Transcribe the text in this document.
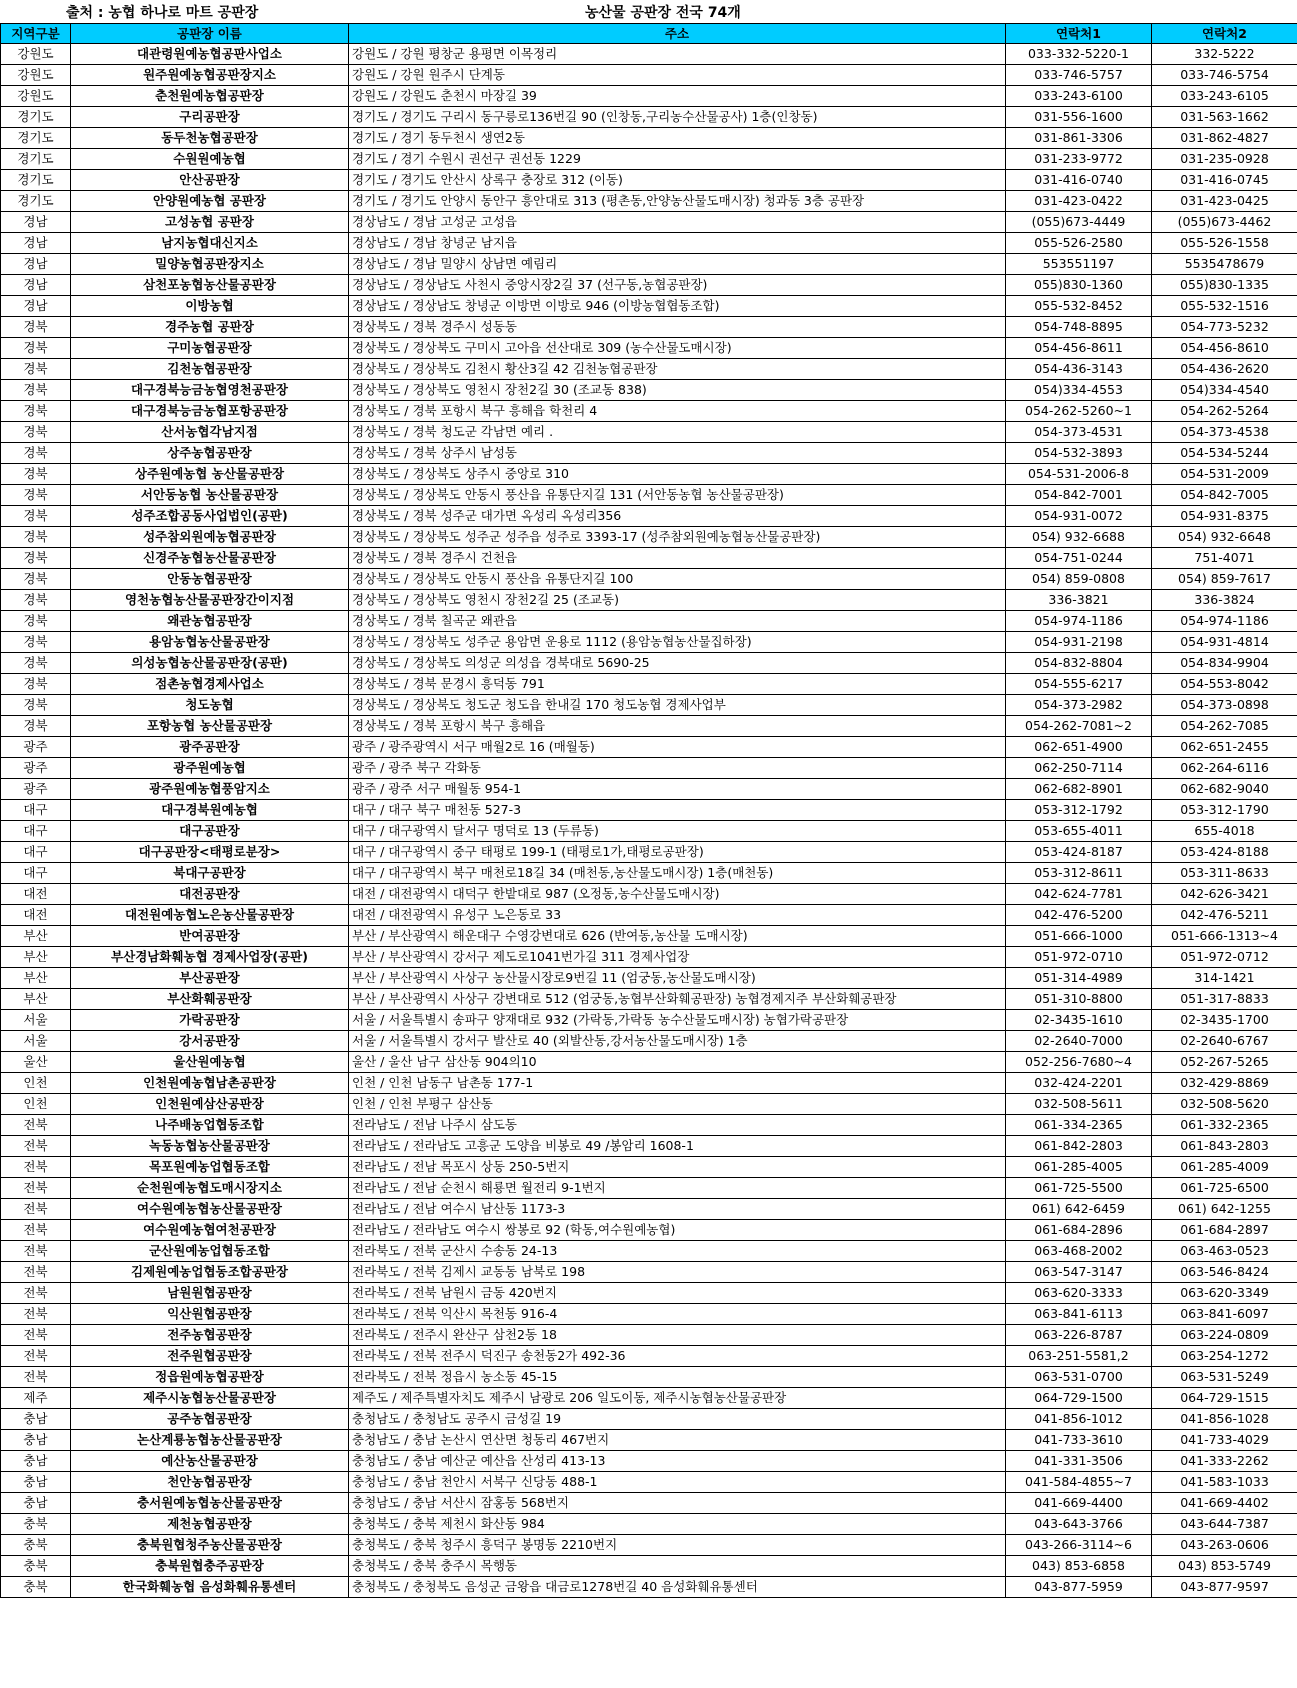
출처 : 농협 하나로 마트 공판장	농산물 공판장 전국 74개
지역구분	공판장 이름	주소	연락처1	연락처2
강원도	대관령원예농협공판사업소	강원도 / 강원 평창군 용평면 이목정리	033-332-5220-1	332-5222
강원도	원주원예농협공판장지소	강원도 / 강원 원주시 단계동	033-746-5757	033-746-5754
강원도	춘천원예농협공판장	강원도 / 강원도 춘천시 마장길 39	033-243-6100	033-243-6105
경기도	구리공판장	경기도 / 경기도 구리시 동구릉로136번길 90 (인창동,구리농수산물공사) 1층(인창동)	031-556-1600	031-563-1662
경기도	동두천농협공판장	경기도 / 경기 동두천시 생연2동	031-861-3306	031-862-4827
경기도	수원원예농협	경기도 / 경기 수원시 권선구 권선동 1229	031-233-9772	031-235-0928
경기도	안산공판장	경기도 / 경기도 안산시 상록구 충장로 312 (이동)	031-416-0740	031-416-0745
경기도	안양원예농협 공판장	경기도 / 경기도 안양시 동안구 흥안대로 313 (평촌동,안양농산물도매시장) 청과동 3층 공판장	031-423-0422	031-423-0425
경남	고성농협 공판장	경상남도 / 경남 고성군 고성읍	(055)673-4449	(055)673-4462
경남	남지농협대신지소	경상남도 / 경남 창녕군 남지읍	055-526-2580	055-526-1558
경남	밀양농협공판장지소	경상남도 / 경남 밀양시 상남면 예림리	553551197	5535478679
경남	삼천포농협농산물공판장	경상남도 / 경상남도 사천시 중앙시장2길 37 (선구동,농협공판장)	055)830-1360	055)830-1335
경남	이방농협	경상남도 / 경상남도 창녕군 이방면 이방로 946 (이방농협협동조합)	055-532-8452	055-532-1516
경북	경주농협 공판장	경상북도 / 경북 경주시 성동동	054-748-8895	054-773-5232
경북	구미농협공판장	경상북도 / 경상북도 구미시 고아읍 선산대로 309 (농수산물도매시장)	054-456-8611	054-456-8610
경북	김천농협공판장	경상북도 / 경상북도 김천시 황산3길 42 김천농협공판장	054-436-3143	054-436-2620
경북	대구경북능금농협영천공판장	경상북도 / 경상북도 영천시 장천2길 30 (조교동 838)	054)334-4553	054)334-4540
경북	대구경북능금농협포항공판장	경상북도 / 경북 포항시 북구 흥해읍 학천리 4	054-262-5260~1	054-262-5264
경북	산서농협각남지점	경상북도 / 경북 청도군 각남면 예리 .	054-373-4531	054-373-4538
경북	상주농협공판장	경상북도 / 경북 상주시 남성동	054-532-3893	054-534-5244
경북	상주원예농협 농산물공판장	경상북도 / 경상북도 상주시 중앙로 310	054-531-2006-8	054-531-2009
경북	서안동농협 농산물공판장	경상북도 / 경상북도 안동시 풍산읍 유통단지길 131 (서안동농협 농산물공판장)	054-842-7001	054-842-7005
경북	성주조합공동사업법인(공판)	경상북도 / 경북 성주군 대가면 옥성리 옥성리356	054-931-0072	054-931-8375
경북	성주참외원예농협공판장	경상북도 / 경상북도 성주군 성주읍 성주로 3393-17 (성주참외원예농협농산물공판장)	054) 932-6688	054) 932-6648
경북	신경주농협농산물공판장	경상북도 / 경북 경주시 건천읍	054-751-0244	751-4071
경북	안동농협공판장	경상북도 / 경상북도 안동시 풍산읍 유통단지길 100	054) 859-0808	054) 859-7617
경북	영천농협농산물공판장간이지점	경상북도 / 경상북도 영천시 장천2길 25 (조교동)	336-3821	336-3824
경북	왜관농협공판장	경상북도 / 경북 칠곡군 왜관읍	054-974-1186	054-974-1186
경북	용암농협농산물공판장	경상북도 / 경상북도 성주군 용암면 운용로 1112 (용암농협농산물집하장)	054-931-2198	054-931-4814
경북	의성농협농산물공판장(공판)	경상북도 / 경상북도 의성군 의성읍 경북대로 5690-25	054-832-8804	054-834-9904
경북	점촌농협경제사업소	경상북도 / 경북 문경시 흥덕동 791	054-555-6217	054-553-8042
경북	청도농협	경상북도 / 경상북도 청도군 청도읍 한내길 170 청도농협 경제사업부	054-373-2982	054-373-0898
경북	포항농협 농산물공판장	경상북도 / 경북 포항시 북구 흥해읍	054-262-7081~2	054-262-7085
광주	광주공판장	광주 / 광주광역시 서구 매월2로 16 (매월동)	062-651-4900	062-651-2455
광주	광주원예농협	광주 / 광주 북구 각화동	062-250-7114	062-264-6116
광주	광주원예농협풍암지소	광주 / 광주 서구 매월동 954-1	062-682-8901	062-682-9040
대구	대구경북원예농협	대구 / 대구 북구 매천동 527-3	053-312-1792	053-312-1790
대구	대구공판장	대구 / 대구광역시 달서구 명덕로 13 (두류동)	053-655-4011	655-4018
대구	대구공판장<태평로분장>	대구 / 대구광역시 중구 태평로 199-1 (태평로1가,태평로공판장)	053-424-8187	053-424-8188
대구	북대구공판장	대구 / 대구광역시 북구 매천로18길 34 (매천동,농산물도매시장) 1층(매천동)	053-312-8611	053-311-8633
대전	대전공판장	대전 / 대전광역시 대덕구 한밭대로 987 (오정동,농수산물도매시장)	042-624-7781	042-626-3421
대전	대전원예농협노은농산물공판장	대전 / 대전광역시 유성구 노은동로 33	042-476-5200	042-476-5211
부산	반여공판장	부산 / 부산광역시 해운대구 수영강변대로 626 (반여동,농산물 도매시장)	051-666-1000	051-666-1313~4
부산	부산경남화훼농협 경제사업장(공판)	부산 / 부산광역시 강서구 제도로1041번가길 311 경제사업장	051-972-0710	051-972-0712
부산	부산공판장	부산 / 부산광역시 사상구 농산물시장로9번길 11 (엄궁동,농산물도매시장)	051-314-4989	314-1421
부산	부산화훼공판장	부산 / 부산광역시 사상구 강변대로 512 (엄궁동,농협부산화훼공판장) 농협경제지주 부산화훼공판장	051-310-8800	051-317-8833
서울	가락공판장	서울 / 서울특별시 송파구 양재대로 932 (가락동,가락동 농수산물도매시장) 농협가락공판장	02-3435-1610	02-3435-1700
서울	강서공판장	서울 / 서울특별시 강서구 발산로 40 (외발산동,강서농산물도매시장) 1층	02-2640-7000	02-2640-6767
울산	울산원예농협	울산 / 울산 남구 삼산동 904의10	052-256-7680~4	052-267-5265
인천	인천원예농협남촌공판장	인천 / 인천 남동구 남촌동 177-1	032-424-2201	032-429-8869
인천	인천원예삼산공판장	인천 / 인천 부평구 삼산동	032-508-5611	032-508-5620
전북	나주배농업협동조합	전라남도 / 전남 나주시 삼도동	061-334-2365	061-332-2365
전북	녹동농협농산물공판장	전라남도 / 전라남도 고흥군 도양읍 비봉로 49 /봉암리 1608-1	061-842-2803	061-843-2803
전북	목포원예농업협동조합	전라남도 / 전남 목포시 상동 250-5번지	061-285-4005	061-285-4009
전북	순천원예농협도매시장지소	전라남도 / 전남 순천시 해룡면 월전리 9-1번지	061-725-5500	061-725-6500
전북	여수원예농협농산물공판장	전라남도 / 전남 여수시 남산동 1173-3	061) 642-6459	061) 642-1255
전북	여수원예농협여천공판장	전라남도 / 전라남도 여수시 쌍봉로 92 (학동,여수원예농협)	061-684-2896	061-684-2897
전북	군산원예농업협동조합	전라북도 / 전북 군산시 수송동 24-13	063-468-2002	063-463-0523
전북	김제원예농업협동조합공판장	전라북도 / 전북 김제시 교동동 남북로 198	063-547-3147	063-546-8424
전북	남원원협공판장	전라북도 / 전북 남원시 금동 420번지	063-620-3333	063-620-3349
전북	익산원협공판장	전라북도 / 전북 익산시 목천동 916-4	063-841-6113	063-841-6097
전북	전주농협공판장	전라북도 / 전주시 완산구 삼천2동 18	063-226-8787	063-224-0809
전북	전주원협공판장	전라북도 / 전북 전주시 덕진구 송천동2가 492-36	063-251-5581,2	063-254-1272
전북	정읍원예농협공판장	전라북도 / 전북 정읍시 농소동 45-15	063-531-0700	063-531-5249
제주	제주시농협농산물공판장	제주도 / 제주특별자치도 제주시 남광로 206 일도이동, 제주시농협농산물공판장	064-729-1500	064-729-1515
충남	공주농협공판장	충청남도 / 충청남도 공주시 금성길 19	041-856-1012	041-856-1028
충남	논산계룡농협농산물공판장	충청남도 / 충남 논산시 연산면 청동리 467번지	041-733-3610	041-733-4029
충남	예산농산물공판장	충청남도 / 충남 예산군 예산읍 산성리 413-13	041-331-3506	041-333-2262
충남	천안농협공판장	충청남도 / 충남 천안시 서북구 신당동 488-1	041-584-4855~7	041-583-1033
충남	충서원예농협농산물공판장	충청남도 / 충남 서산시 잠홍동 568번지	041-669-4400	041-669-4402
충북	제천농협공판장	충청북도 / 충북 제천시 화산동 984	043-643-3766	043-644-7387
충북	충북원협청주농산물공판장	충청북도 / 충북 청주시 흥덕구 봉명동 2210번지	043-266-3114~6	043-263-0606
충북	충북원협충주공판장	충청북도 / 충북 충주시 목행동	043) 853-6858	043) 853-5749
충북	한국화훼농협 음성화훼유통센터	충청북도 / 충청북도 음성군 금왕읍 대금로1278번길 40 음성화훼유통센터	043-877-5959	043-877-9597
